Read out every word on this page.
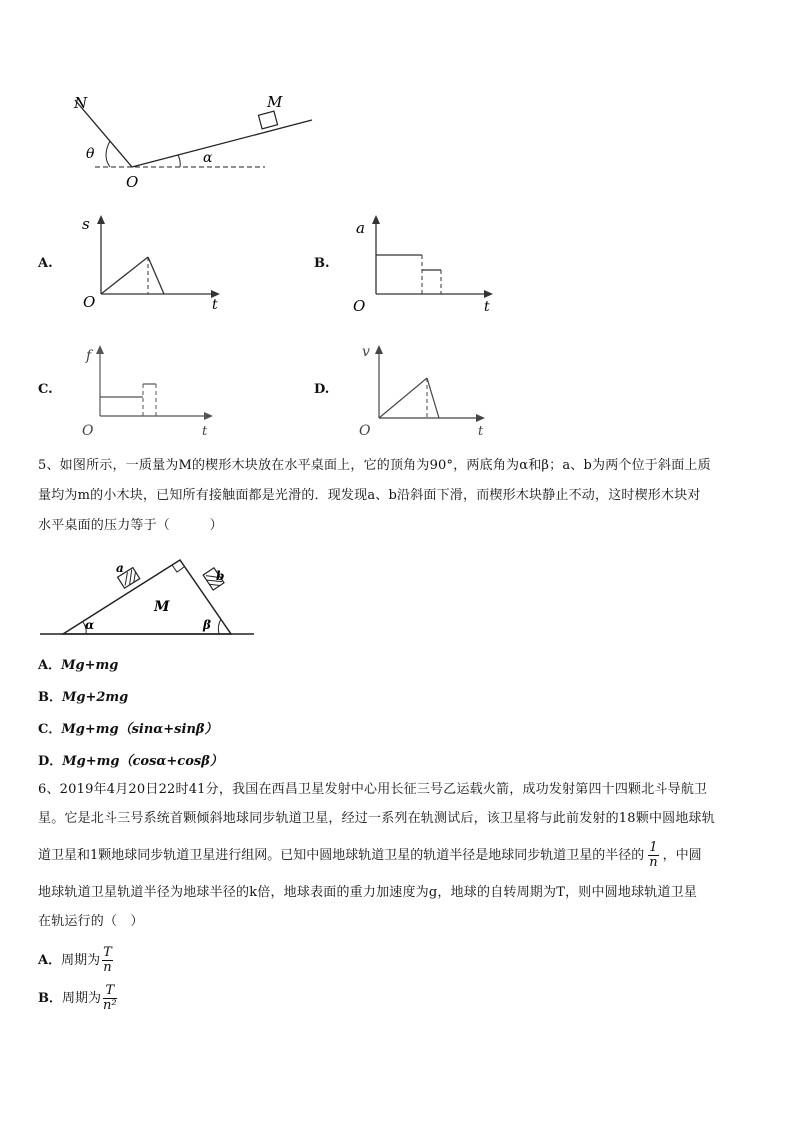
N	M
θ	α
O
A.
s
t
O
B.
a
t
O
C.
f
t
O
D.
v
t
O
5、如图所示，一质量为M的楔形木块放在水平桌面上，它的顶角为90°，两底角为α和β；a、b为两个位于斜面上质
量均为m的小木块，已知所有接触面都是光滑的．现发现a、b沿斜面下滑，而楔形木块静止不动，这时楔形木块对
水平桌面的压力等于（　　　）
a
b
M
α	β
A．Mg+mg
B．Mg+2mg
C．Mg+mg（sinα+sinβ）
D．Mg+mg（cosα+cosβ）
6、2019年4月20日22时41分，我国在西昌卫星发射中心用长征三号乙运载火箭，成功发射第四十四颗北斗导航卫
星。它是北斗三号系统首颗倾斜地球同步轨道卫星，经过一系列在轨测试后，该卫星将与此前发射的18颗中圆地球轨
道卫星和1颗地球同步轨道卫星进行组网。已知中圆地球轨道卫星的轨道半径是地球同步轨道卫星的半径的 $\frac{1}{n}$ ，中圆
地球轨道卫星轨道半径为地球半径的k倍，地球表面的重力加速度为g，地球的自转周期为T，则中圆地球轨道卫星
在轨运行的（　）
A．周期为 $\frac{T}{n}$
B．周期为 $\frac{T}{\text{n²}}$
